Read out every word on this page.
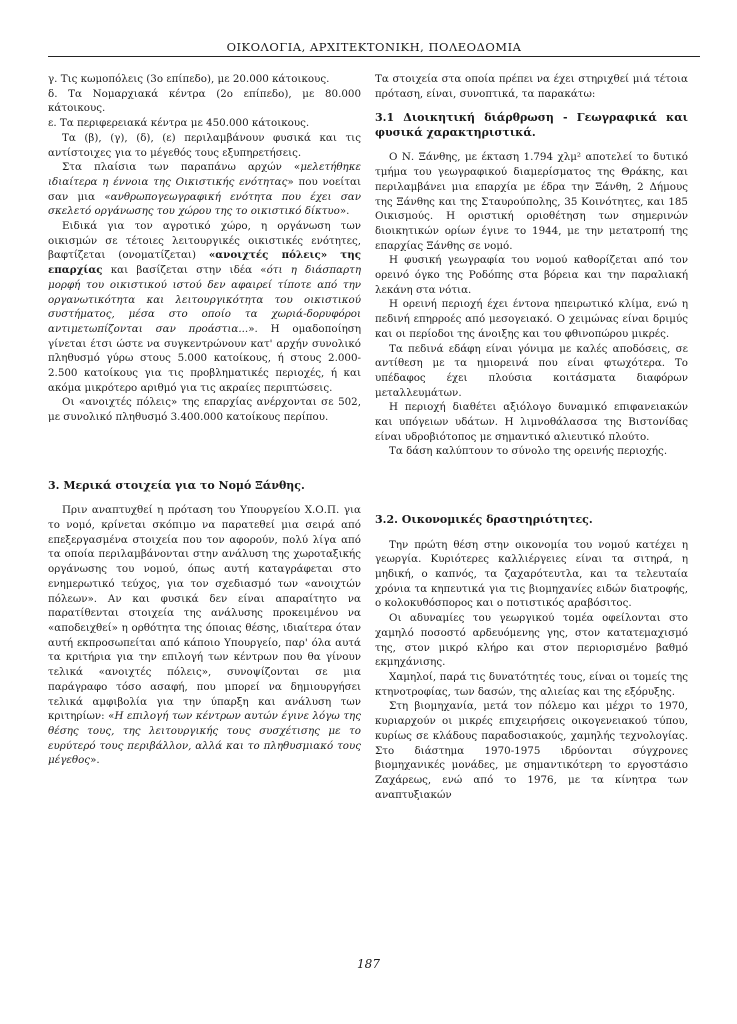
ΟΙΚΟΛΟΓΙΑ, ΑΡΧΙΤΕΚΤΟΝΙΚΗ, ΠΟΛΕΟΔΟΜΙΑ

γ. Τις κωμοπόλεις (3ο επίπεδο), με 20.000 κάτοικους.

δ. Τα Νομαρχιακά κέντρα (2ο επίπεδο), με 80.000 κάτοικους.

ε. Τα περιφερειακά κέντρα με 450.000 κάτοικους.

Τα (β), (γ), (δ), (ε) περιλαμβάνουν φυσικά και τις αντίστοιχες για το μέγεθός τους εξυπηρετήσεις.

Στα πλαίσια των παραπάνω αρχών «μελετήθηκε ιδιαίτερα η έννοια της Οικιστικής ενότητας» που νοείται σαν μια «ανθρωπογεωγραφική ενότητα που έχει σαν σκελετό οργάνωσης του χώρου της το οικιστικό δίκτυο».

Ειδικά για τον αγροτικό χώρο, η οργάνωση των οικισμών σε τέτοιες λειτουργικές οικιστικές ενότητες, βαφτίζεται (ονοματίζεται) «ανοιχτές πόλεις» της επαρχίας και βασίζεται στην ιδέα «ότι η διάσπαρτη μορφή του οικιστικού ιστού δεν αφαιρεί τίποτε από την οργανωτικότητα και λειτουργικότητα του οικιστικού συστήματος, μέσα στο οποίο τα χωριά-δορυφόροι αντιμετωπίζονται σαν προάστια...». Η ομαδοποίηση γίνεται έτσι ώστε να συγκεντρώνουν κατ' αρχήν συνολικό πληθυσμό γύρω στους 5.000 κατοίκους, ή στους 2.000-2.500 κατοίκους για τις προβληματικές περιοχές, ή και ακόμα μικρότερο αριθμό για τις ακραίες περιπτώσεις.

Οι «ανοιχτές πόλεις» της επαρχίας ανέρχονται σε 502, με συνολικό πληθυσμό 3.400.000 κατοίκους περίπου.

3. Μερικά στοιχεία για το Νομό Ξάνθης.

Πριν αναπτυχθεί η πρόταση του Υπουργείου Χ.Ο.Π. για το νομό, κρίνεται σκόπιμο να παρατεθεί μια σειρά από επεξεργασμένα στοιχεία που τον αφορούν, πολύ λίγα από τα οποία περιλαμβάνονται στην ανάλυση της χωροταξικής οργάνωσης του νομού, όπως αυτή καταγράφεται στο ενημερωτικό τεύχος, για τον σχεδιασμό των «ανοιχτών πόλεων». Αν και φυσικά δεν είναι απαραίτητο να παρατίθενται στοιχεία της ανάλυσης προκειμένου να «αποδειχθεί» η ορθότητα της όποιας θέσης, ιδιαίτερα όταν αυτή εκπροσωπείται από κάποιο Υπουργείο, παρ' όλα αυτά τα κριτήρια για την επιλογή των κέντρων που θα γίνουν τελικά «ανοιχτές πόλεις», συνοψίζονται σε μια παράγραφο τόσο ασαφή, που μπορεί να δημιουργήσει τελικά αμφιβολία για την ύπαρξη και ανάλυση των κριτηρίων: «Η επιλογή των κέντρων αυτών έγινε λόγω της θέσης τους, της λειτουργικής τους συσχέτισης με το ευρύτερό τους περιβάλλον, αλλά και το πληθυσμιακό τους μέγεθος».

Τα στοιχεία στα οποία πρέπει να έχει στηριχθεί μιά τέτοια πρόταση, είναι, συνοπτικά, τα παρακάτω:

3.1 Διοικητική διάρθρωση - Γεωγραφικά και φυσικά χαρακτηριστικά.

Ο Ν. Ξάνθης, με έκταση 1.794 χλμ² αποτελεί το δυτικό τμήμα του γεωγραφικού διαμερίσματος της Θράκης, και περιλαμβάνει μια επαρχία με έδρα την Ξάνθη, 2 Δήμους της Ξάνθης και της Σταυρούπολης, 35 Κοινότητες, και 185 Οικισμούς. Η οριστική οριοθέτηση των σημερινών διοικητικών ορίων έγινε το 1944, με την μετατροπή της επαρχίας Ξάνθης σε νομό.

Η φυσική γεωγραφία του νομού καθορίζεται από τον ορεινό όγκο της Ροδόπης στα βόρεια και την παραλιακή λεκάνη στα νότια.

Η ορεινή περιοχή έχει έντονα ηπειρωτικό κλίμα, ενώ η πεδινή επηρροές από μεσογειακό. Ο χειμώνας είναι δριμύς και οι περίοδοι της άνοιξης και του φθινοπώρου μικρές.

Τα πεδινά εδάφη είναι γόνιμα με καλές αποδόσεις, σε αντίθεση με τα ημιορεινά που είναι φτωχότερα. Το υπέδαφος έχει πλούσια κοιτάσματα διαφόρων μεταλλευμάτων.

Η περιοχή διαθέτει αξιόλογο δυναμικό επιφανειακών και υπόγειων υδάτων. Η λιμνοθάλασσα της Βιστονίδας είναι υδροβιότοπος με σημαντικό αλιευτικό πλούτο.

Τα δάση καλύπτουν το σύνολο της ορεινής περιοχής.

3.2. Οικονομικές δραστηριότητες.

Την πρώτη θέση στην οικονομία του νομού κατέχει η γεωργία. Κυριότερες καλλιέργειες είναι τα σιτηρά, η μηδική, ο καπνός, τα ζαχαρότευτλα, και τα τελευταία χρόνια τα κηπευτικά για τις βιομηχανίες ειδών διατροφής, ο κολοκυθόσπορος και ο ποτιστικός αραβόσιτος.

Οι αδυναμίες του γεωργικού τομέα οφείλονται στο χαμηλό ποσοστό αρδευόμενης γης, στον κατατεμαχισμό της, στον μικρό κλήρο και στον περιορισμένο βαθμό εκμηχάνισης.

Χαμηλοί, παρά τις δυνατότητές τους, είναι οι τομείς της κτηνοτροφίας, των δασών, της αλιείας και της εξόρυξης.

Στη βιομηχανία, μετά τον πόλεμο και μέχρι το 1970, κυριαρχούν οι μικρές επιχειρήσεις οικογενειακού τύπου, κυρίως σε κλάδους παραδοσιακούς, χαμηλής τεχνολογίας. Στο διάστημα 1970-1975 ιδρύονται σύγχρονες βιομηχανικές μονάδες, με σημαντικότερη το εργοστάσιο Ζαχάρεως, ενώ από το 1976, με τα κίνητρα των αναπτυξιακών

187
